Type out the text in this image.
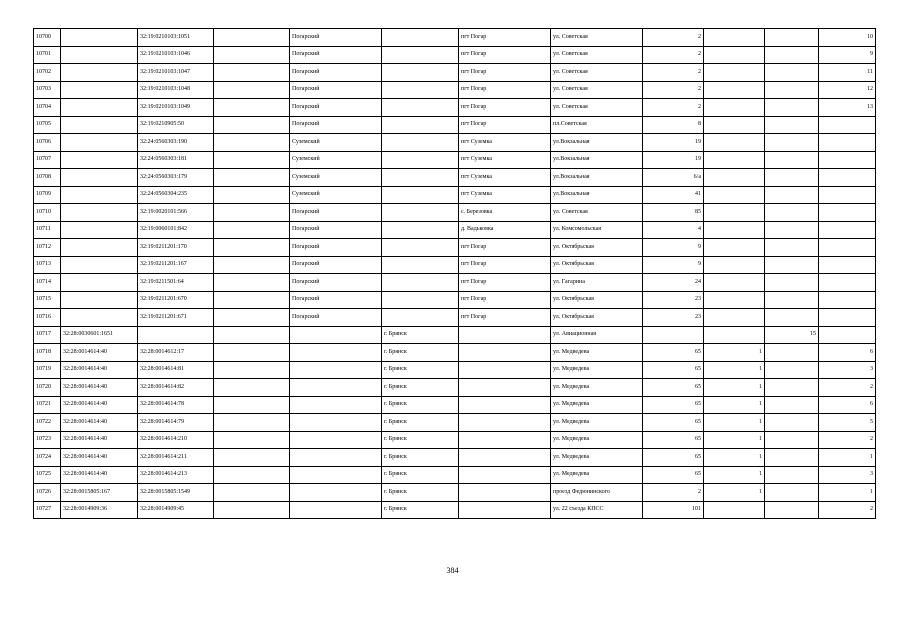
10700		32:19:0210103:1051		Погарский		пгт Погар	ул. Советская	2			10
10701		32:19:0210103:1046		Погарский		пгт Погар	ул. Советская	2			9
10702		32:19:0210103:1047		Погарский		пгт Погар	ул. Советская	2			11
10703		32:19:0210103:1048		Погарский		пгт Погар	ул. Советская	2			12
10704		32:19:0210103:1049		Погарский		пгт Погар	ул. Советская	2			13
10705		32:19:0210905:50		Погарский		пгт Погар	пл.Советская	8			
10706		32:24:0560303:190		Суземский		пгт Суземка	ул.Вокзальная	19			
10707		32:24:0560303:181		Суземский		пгт Суземка	ул.Вокзальная	19			
10708		32:24:0560303:179		Суземский		пгт Суземка	ул.Вокзальная	6/а			
10709		32:24:0560304:235		Суземский		пгт Суземка	ул.Вокзальная	41			
10710		32:19:0020101:566		Погарский		с. Березовка	ул. Советская	85			
10711		32:19:0060101:842		Погарский		д. Вадьковка	ул. Комсомольская	4			
10712		32:19:0211201:170		Погарский		пгт Погар	ул. Октябрьская	9			
10713		32:19:0211201:167		Погарский		пгт Погар	ул. Октябрьская	9			
10714		32:19:0211501:64		Погарский		пгт Погар	ул. Гагарина	24			
10715		32:19:0211201:670		Погарский		пгт Погар	ул. Октябрьская	23			
10716		32:19:0211201:671		Погарский		пгт Погар	ул. Октябрьская	23			
10717	32:28:0030601:1651				г. Брянск		ул. Авиационная			15	
10718	32:28:0014614:40	32:28:0014612:17			г. Брянск		ул. Медведева	65	1		6
10719	32:28:0014614:40	32:28:0014614:81			г. Брянск		ул. Медведева	65	1		3
10720	32:28:0014614:40	32:28:0014614:82			г. Брянск		ул. Медведева	65	1		2
10721	32:28:0014614:40	32:28:0014614:78			г. Брянск		ул. Медведева	65	1		6
10722	32:28:0014614:40	32:28:0014614:79			г. Брянск		ул. Медведева	65	1		5
10723	32:28:0014614:40	32:28:0014614:210			г. Брянск		ул. Медведева	65	1		2
10724	32:28:0014614:40	32:28:0014614:211			г. Брянск		ул. Медведева	65	1		1
10725	32:28:0014614:40	32:28:0014614:213			г. Брянск		ул. Медведева	65	1		3
10726	32:28:0015805:167	32:28:0015805:1549			г. Брянск		проезд Федюнинского	2	1		1
10727	32:28:0014909:36	32:28:0014909:45			г. Брянск		ул. 22 съезда КПСС	101			2
384
